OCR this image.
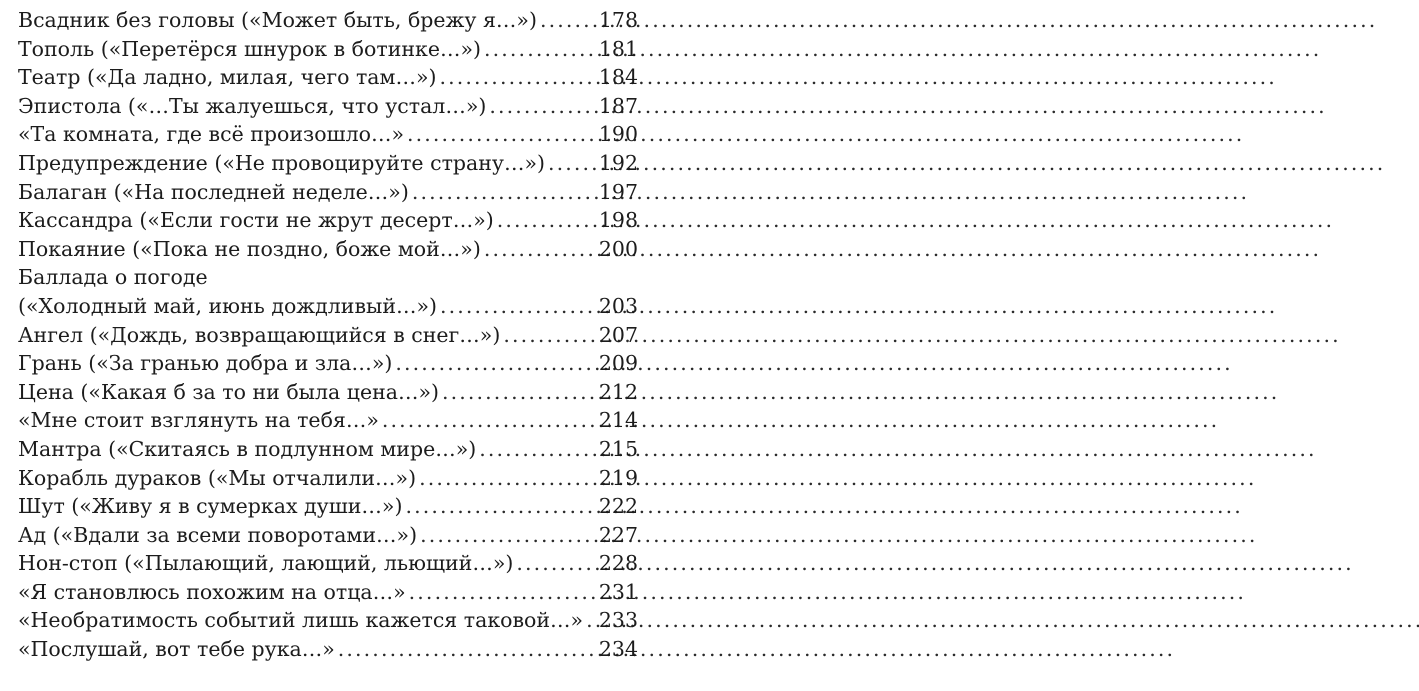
Всадник без головы («Может быть, брежу я…») . . .	178
Тополь («Перетёрся шнурок в ботинке…») . . .	181
Театр («Да ладно, милая, чего там…») . . .	184
Эпистола («…Ты жалуешься, что устал…») . . .	187
«Та комната, где всё произошло…» . . .	190
Предупреждение («Не провоцируйте страну…») . . .	192
Балаган («На последней неделе…») . . .	197
Кассандра («Если гости не жрут десерт…») . . .	198
Покаяние («Пока не поздно, боже мой…») . . .	200
Баллада о погоде
(«Холодный май, июнь дождливый…») . . .	203
Ангел («Дождь, возвращающийся в снег…») . . .	207
Грань («За гранью добра и зла…») . . .	209
Цена («Какая б за то ни была цена…») . . .	212
«Мне стоит взглянуть на тебя…» . . .	214
Мантра («Скитаясь в подлунном мире…») . . .	215
Корабль дураков («Мы отчалили…») . . .	219
Шут («Живу я в сумерках души…») . . .	222
Ад («Вдали за всеми поворотами…») . . .	227
Нон-стоп («Пылающий, лающий, льющий…») . . .	228
«Я становлюсь похожим на отца…» . . .	231
«Необратимость событий лишь кажется таковой…» . . . 233
«Послушай, вот тебе рука…» . . .	234
